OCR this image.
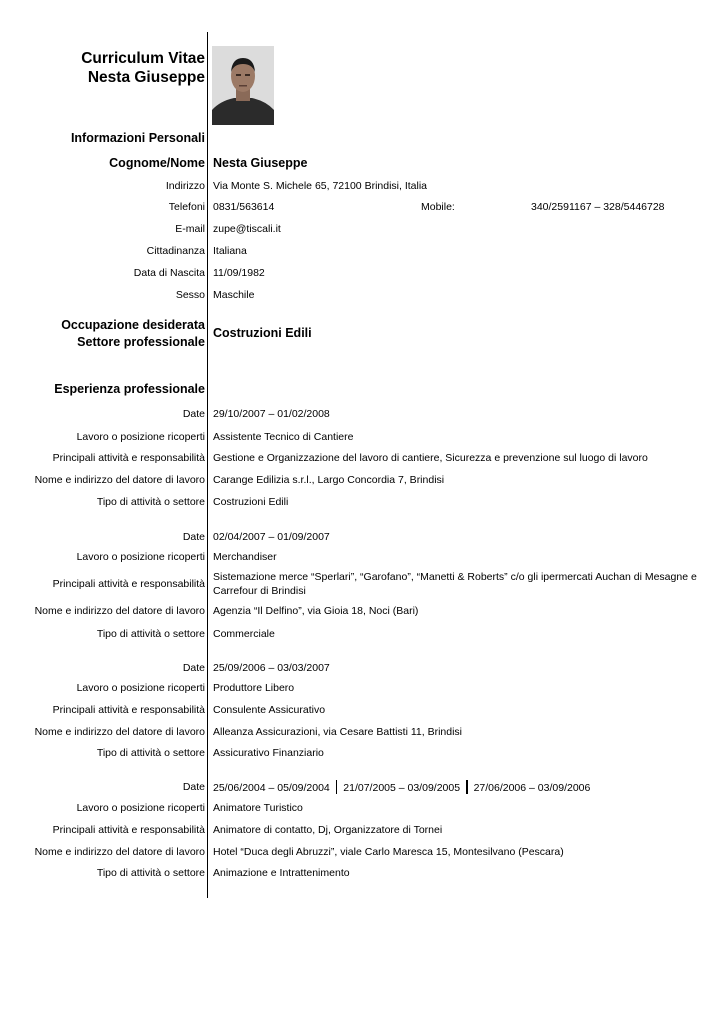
Curriculum Vitae
Nesta Giuseppe
Informazioni Personali
Cognome/Nome Nesta Giuseppe
Indirizzo Via Monte S. Michele 65, 72100 Brindisi, Italia
Telefoni 0831/563614	Mobile:	340/2591167 – 328/5446728
E-mail zupe@tiscali.it
Cittadinanza Italiana
Data di Nascita 11/09/1982
Sesso Maschile
Occupazione desiderata
Settore professionale
Costruzioni Edili
Esperienza professionale
Date 29/10/2007 – 01/02/2008
Lavoro o posizione ricoperti Assistente Tecnico di Cantiere
Principali attività e responsabilità Gestione e Organizzazione del lavoro di cantiere, Sicurezza e prevenzione sul luogo di lavoro
Nome e indirizzo del datore di lavoro Carange Edilizia s.r.l., Largo Concordia 7, Brindisi
Tipo di attività o settore Costruzioni Edili
Date 02/04/2007 – 01/09/2007
Lavoro o posizione ricoperti Merchandiser
Principali attività e responsabilità
Sistemazione merce “Sperlari”, “Garofano”, “Manetti & Roberts” c/o gli ipermercati Auchan di Mesagne e
Carrefour di Brindisi
Nome e indirizzo del datore di lavoro Agenzia “Il Delfino”, via Gioia 18, Noci (Bari)
Tipo di attività o settore Commerciale
Date 25/09/2006 – 03/03/2007
Lavoro o posizione ricoperti Produttore Libero
Principali attività e responsabilità Consulente Assicurativo
Nome e indirizzo del datore di lavoro Alleanza Assicurazioni, via Cesare Battisti 11, Brindisi
Tipo di attività o settore Assicurativo Finanziario
Date 25/06/2004 – 05/09/2004 21/07/2005 – 03/09/2005 27/06/2006 – 03/09/2006
Lavoro o posizione ricoperti Animatore Turistico
Principali attività e responsabilità Animatore di contatto, Dj, Organizzatore di Tornei
Nome e indirizzo del datore di lavoro Hotel “Duca degli Abruzzi”, viale Carlo Maresca 15, Montesilvano (Pescara)
Tipo di attività o settore Animazione e Intrattenimento
